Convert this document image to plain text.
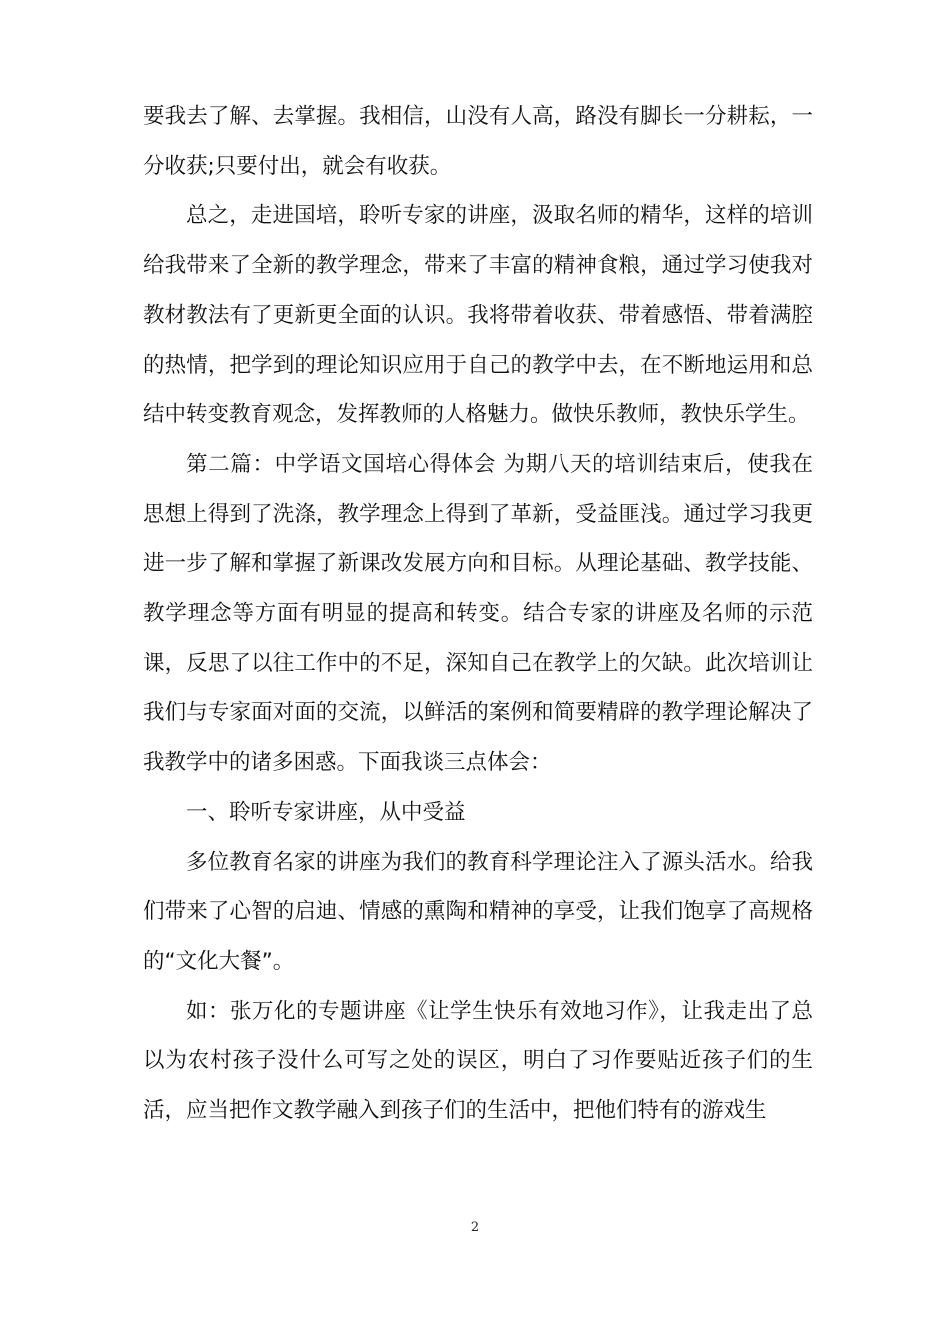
要我去了解、去掌握。我相信，山没有人高，路没有脚长一分耕耘，一分收获;只要付出，就会有收获。

总之，走进国培，聆听专家的讲座，汲取名师的精华，这样的培训给我带来了全新的教学理念，带来了丰富的精神食粮，通过学习使我对教材教法有了更新更全面的认识。我将带着收获、带着感悟、带着满腔的热情，把学到的理论知识应用于自己的教学中去，在不断地运用和总结中转变教育观念，发挥教师的人格魅力。做快乐教师，教快乐学生。

第二篇：中学语文国培心得体会 为期八天的培训结束后，使我在思想上得到了洗涤，教学理念上得到了革新，受益匪浅。通过学习我更进一步了解和掌握了新课改发展方向和目标。从理论基础、教学技能、教学理念等方面有明显的提高和转变。结合专家的讲座及名师的示范课，反思了以往工作中的不足，深知自己在教学上的欠缺。此次培训让我们与专家面对面的交流，以鲜活的案例和简要精辟的教学理论解决了我教学中的诸多困惑。下面我谈三点体会：

一、聆听专家讲座，从中受益

多位教育名家的讲座为我们的教育科学理论注入了源头活水。给我们带来了心智的启迪、情感的熏陶和精神的享受，让我们饱享了高规格的“文化大餐”。

如：张万化的专题讲座《让学生快乐有效地习作》，让我走出了总以为农村孩子没什么可写之处的误区，明白了习作要贴近孩子们的生活，应当把作文教学融入到孩子们的生活中，把他们特有的游戏生

2
